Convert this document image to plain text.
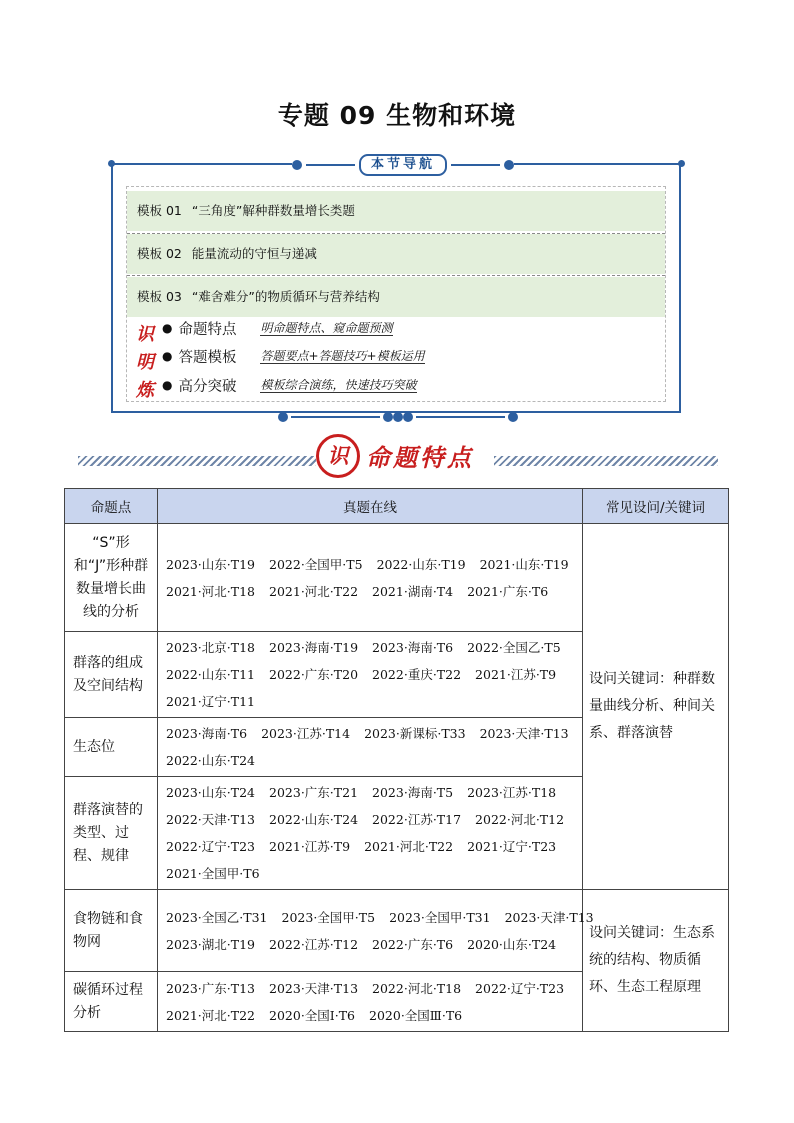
专题 09 生物和环境
本节导航
模板 01 “三角度”解种群数量增长类题
模板 02 能量流动的守恒与递减
模板 03 “难舍难分”的物质循环与营养结构
识
明
炼
● 命题特点	明命题特点、窥命题预测
● 答题模板	答题要点+答题技巧+模板运用
● 高分突破	模板综合演练，快速技巧突破
识 命题特点
命题点	真题在线	常见设问/关键词
“S”形和“J”形种群数量增长曲线的分析	2023·山东·T19 2022·全国甲·T5 2022·山东·T19 2021·山东·T19
2021·河北·T18 2021·河北·T22 2021·湖南·T4 2021·广东·T6	设问关键词：种群数量曲线分析、种间关系、群落演替
群落的组成及空间结构	2023·北京·T18 2023·海南·T19 2023·海南·T6 2022·全国乙·T5
2022·山东·T11 2022·广东·T20 2022·重庆·T22 2021·江苏·T9
2021·辽宁·T11	
生态位	2023·海南·T6 2023·江苏·T14 2023·新课标·T33 2023·天津·T13
2022·山东·T24	
群落演替的类型、过程、规律	2023·山东·T24 2023·广东·T21 2023·海南·T5 2023·江苏·T18
2022·天津·T13 2022·山东·T24 2022·江苏·T17 2022·河北·T12
2022·辽宁·T23 2021·江苏·T9 2021·河北·T22 2021·辽宁·T23
2021·全国甲·T6	
食物链和食物网	2023·全国乙·T31 2023·全国甲·T5 2023·全国甲·T31 2023·天津·T13
2023·湖北·T19 2022·江苏·T12 2022·广东·T6 2020·山东·T24	设问关键词：生态系统的结构、物质循环、生态工程原理
碳循环过程分析	2023·广东·T13 2023·天津·T13 2022·河北·T18 2022·辽宁·T23
2021·河北·T22 2020·全国Ⅰ·T6 2020·全国Ⅲ·T6	
